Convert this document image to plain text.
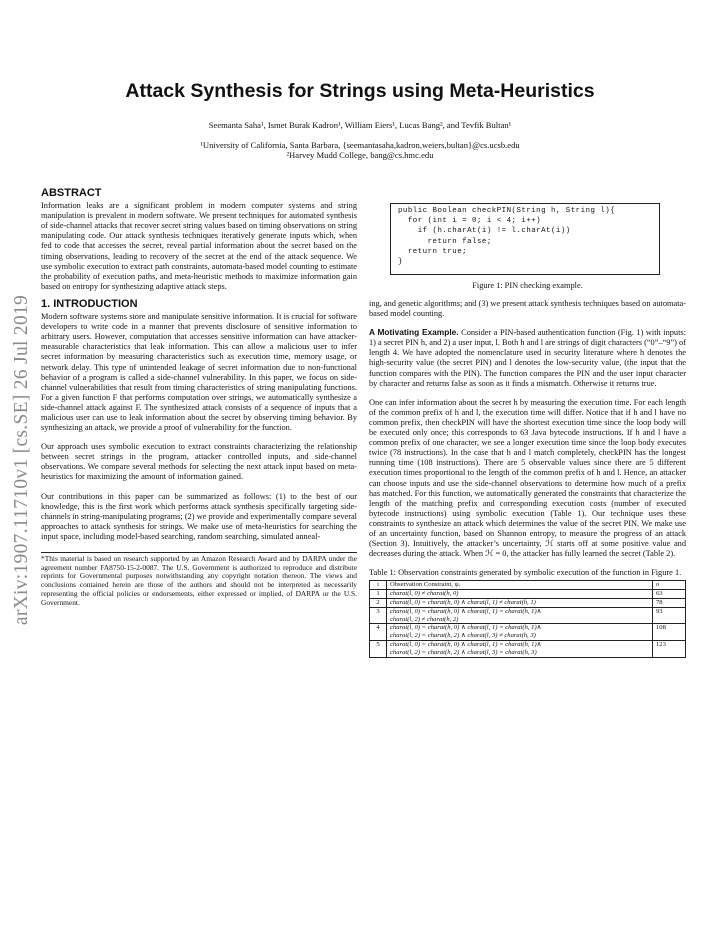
arXiv:1907.11710v1 [cs.SE] 26 Jul 2019
Attack Synthesis for Strings using Meta-Heuristics
Seemanta Saha¹, Ismet Burak Kadron¹, William Eiers¹, Lucas Bang², and Tevfik Bultan¹
¹University of California, Santa Barbara, {seemantasaha,kadron,weiers,bultan}@cs.ucsb.edu
²Harvey Mudd College, bang@cs.hmc.edu
ABSTRACT

Information leaks are a significant problem in modern computer systems and string manipulation is prevalent in modern software. We present techniques for automated synthesis of side-channel attacks that recover secret string values based on timing observations on string manipulating code. Our attack synthesis techniques iteratively generate inputs which, when fed to code that accesses the secret, reveal partial information about the secret based on the timing observations, leading to recovery of the secret at the end of the attack sequence. We use symbolic execution to extract path constraints, automata-based model counting to estimate the probability of execution paths, and meta-heuristic methods to maximize information gain based on entropy for synthesizing adaptive attack steps.

1. INTRODUCTION

Modern software systems store and manipulate sensitive information. It is crucial for software developers to write code in a manner that prevents disclosure of sensitive information to arbitrary users. However, computation that accesses sensitive information can have attacker-measurable characteristics that leak information. This can allow a malicious user to infer secret information by measuring characteristics such as execution time, memory usage, or network delay. This type of unintended leakage of secret information due to non-functional behavior of a program is called a side-channel vulnerability. In this paper, we focus on side-channel vulnerabilities that result from timing characteristics of string manipulating functions. For a given function F that performs computation over strings, we automatically synthesize a side-channel attack against F. The synthesized attack consists of a sequence of inputs that a malicious user can use to leak information about the secret by observing timing behavior. By synthesizing an attack, we provide a proof of vulnerability for the function.

Our approach uses symbolic execution to extract constraints characterizing the relationship between secret strings in the program, attacker controlled inputs, and side-channel observations. We compare several methods for selecting the next attack input based on meta-heuristics for maximizing the amount of information gained.

Our contributions in this paper can be summarized as follows: (1) to the best of our knowledge, this is the first work which performs attack synthesis specifically targeting side-channels in string-manipulating programs; (2) we provide and experimentally compare several approaches to attack synthesis for strings. We make use of meta-heuristics for searching the input space, including model-based searching, random searching, simulated anneal-

*This material is based on research supported by an Amazon Research Award and by DARPA under the agreement number FA8750-15-2-0087. The U.S. Government is authorized to reproduce and distribute reprints for Governmental purposes notwithstanding any copyright notation thereon. The views and conclusions contained herein are those of the authors and should not be interpreted as necessarily representing the official policies or endorsements, either expressed or implied, of DARPA or the U.S. Government.
public Boolean checkPIN(String h, String l){
for (int i = 0; i < 4; i++)
if (h.charAt(i) != l.charAt(i))
return false;
return true;
}
Figure 1: PIN checking example.

ing, and genetic algorithms; and (3) we present attack synthesis techniques based on automata-based model counting.

A Motivating Example. Consider a PIN-based authentication function (Fig. 1) with inputs: 1) a secret PIN h, and 2) a user input, l. Both h and l are strings of digit characters (“0”–“9”) of length 4. We have adopted the nomenclature used in security literature where h denotes the high-security value (the secret PIN) and l denotes the low-security value, (the input that the function compares with the PIN). The function compares the PIN and the user input character by character and returns false as soon as it finds a mismatch. Otherwise it returns true.

One can infer information about the secret h by measuring the execution time. For each length of the common prefix of h and l, the execution time will differ. Notice that if h and l have no common prefix, then checkPIN will have the shortest execution time since the loop body will be executed only once; this corresponds to 63 Java bytecode instructions. If h and l have a common prefix of one character, we see a longer execution time since the loop body executes twice (78 instructions). In the case that h and l match completely, checkPIN has the longest running time (108 instructions). There are 5 observable values since there are 5 different execution times proportional to the length of the common prefix of h and l. Hence, an attacker can choose inputs and use the side-channel observations to determine how much of a prefix has matched. For this function, we automatically generated the constraints that characterize the length of the matching prefix and corresponding execution costs (number of executed bytecode instructions) using symbolic execution (Table 1). Our technique uses these constraints to synthesize an attack which determines the value of the secret PIN. We make use of an uncertainty function, based on Shannon entropy, to measure the progress of an attack (Section 3). Intuitively, the attacker’s uncertainty, ℋ starts off at some positive value and decreases during the attack. When ℋ = 0, the attacker has fully learned the secret (Table 2).

Table 1: Observation constraints generated by symbolic execution of the function in Figure 1.

i	Observation Constraint, ψᵢ	o
1	charat(l, 0) ≠ charat(h, 0)	63
2	charat(l, 0) = charat(h, 0) ∧ charat(l, 1) ≠ charat(h, 1)	78
3	charat(l, 0) = charat(h, 0) ∧ charat(l, 1) = charat(h, 1)∧
charat(l, 2) ≠ charat(h, 2)	93
4	charat(l, 0) = charat(h, 0) ∧ charat(l, 1) = charat(h, 1)∧
charat(l, 2) = charat(h, 2) ∧ charat(l, 3) ≠ charat(h, 3)	108
5	charat(l, 0) = charat(h, 0) ∧ charat(l, 1) = charat(h, 1)∧
charat(l, 2) = charat(h, 2) ∧ charat(l, 3) = charat(h, 3)	123
